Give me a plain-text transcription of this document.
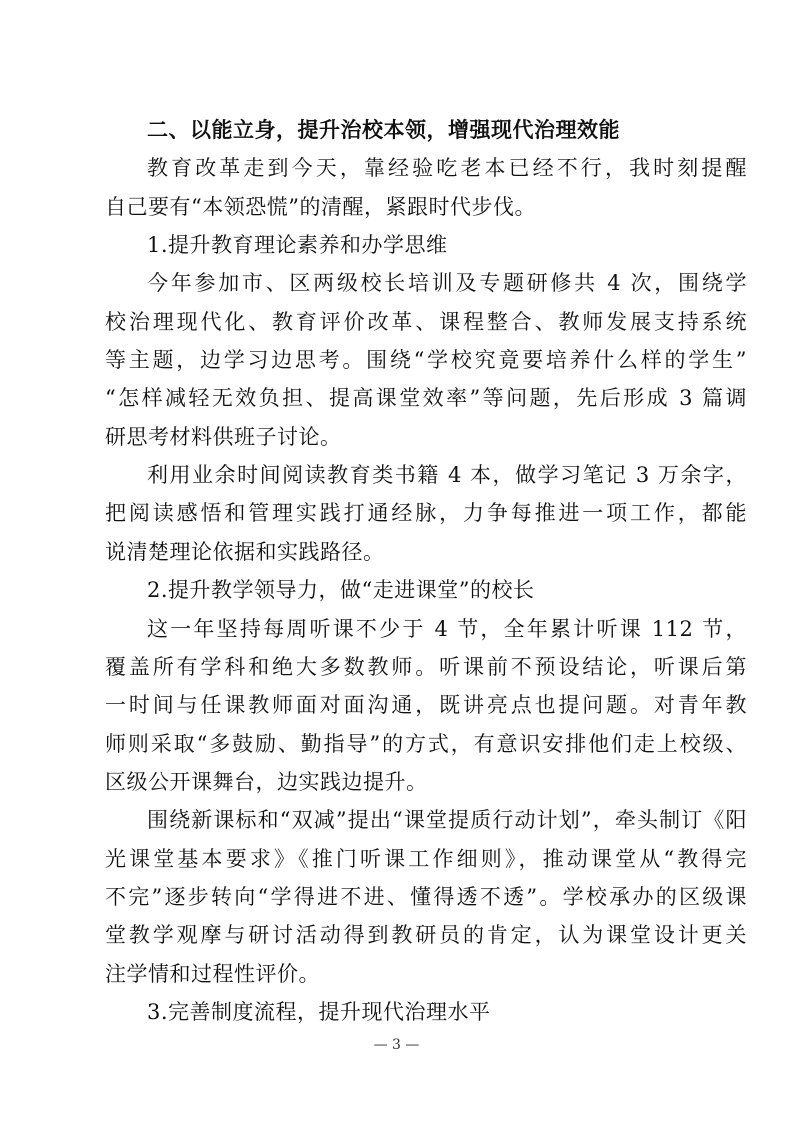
二、以能立身，提升治校本领，增强现代治理效能
教育改革走到今天，靠经验吃老本已经不行，我时刻提醒
自己要有“本领恐慌”的清醒，紧跟时代步伐。
1.提升教育理论素养和办学思维
今年参加市、区两级校长培训及专题研修共 4 次，围绕学
校治理现代化、教育评价改革、课程整合、教师发展支持系统
等主题，边学习边思考。围绕“学校究竟要培养什么样的学生”
“怎样减轻无效负担、提高课堂效率”等问题，先后形成 3 篇调
研思考材料供班子讨论。
利用业余时间阅读教育类书籍 4 本，做学习笔记 3 万余字，
把阅读感悟和管理实践打通经脉，力争每推进一项工作，都能
说清楚理论依据和实践路径。
2.提升教学领导力，做“走进课堂”的校长
这一年坚持每周听课不少于 4 节，全年累计听课 112 节，
覆盖所有学科和绝大多数教师。听课前不预设结论，听课后第
一时间与任课教师面对面沟通，既讲亮点也提问题。对青年教
师则采取“多鼓励、勤指导”的方式，有意识安排他们走上校级、
区级公开课舞台，边实践边提升。
围绕新课标和“双减”提出“课堂提质行动计划”，牵头制订《阳
光课堂基本要求》《推门听课工作细则》，推动课堂从“教得完
不完”逐步转向“学得进不进、懂得透不透”。学校承办的区级课
堂教学观摩与研讨活动得到教研员的肯定，认为课堂设计更关
注学情和过程性评价。
3.完善制度流程，提升现代治理水平
— 3 —
